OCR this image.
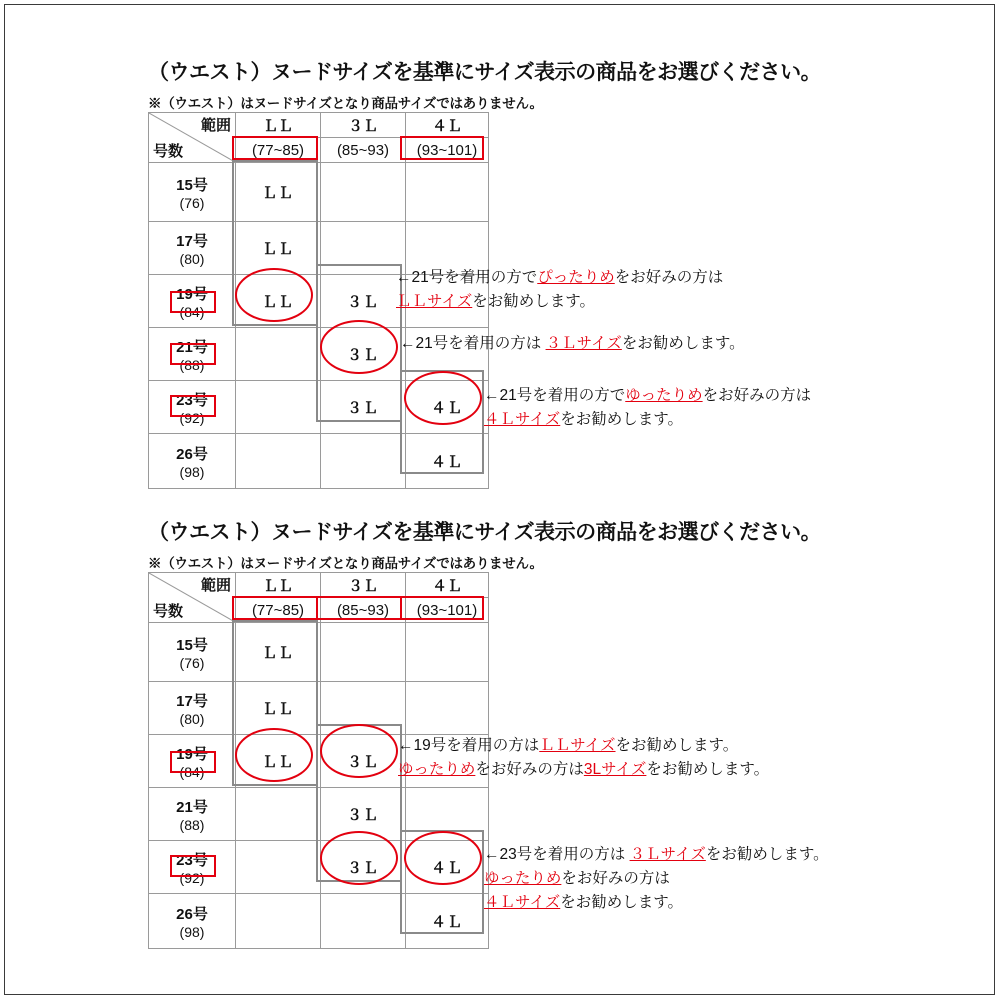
（ウエスト）ヌードサイズを基準にサイズ表示の商品をお選びください。
※（ウエスト）はヌードサイズとなり商品サイズではありません。
範囲
号数	ＬＬ	３Ｌ	４Ｌ
	(77~85)	(85~93)	(93~101)

15号
(76)	ＬＬ		

17号
(80)	ＬＬ		

19号
(84)	ＬＬ	３Ｌ	

21号
(88)		３Ｌ	

23号
(92)		３Ｌ	４Ｌ

26号
(98)			４Ｌ
←21号を着用の方でぴったりめをお好みの方は
ＬＬサイズをお勧めします。
←21号を着用の方は ３Ｌサイズをお勧めします。
←21号を着用の方でゆったりめをお好みの方は
４Ｌサイズをお勧めします。
（ウエスト）ヌードサイズを基準にサイズ表示の商品をお選びください。
※（ウエスト）はヌードサイズとなり商品サイズではありません。
範囲
号数	ＬＬ	３Ｌ	４Ｌ
	(77~85)	(85~93)	(93~101)

15号
(76)	ＬＬ		

17号
(80)	ＬＬ		

19号
(84)	ＬＬ	３Ｌ	

21号
(88)		３Ｌ	

23号
(92)		３Ｌ	４Ｌ

26号
(98)			４Ｌ
←19号を着用の方はＬＬサイズをお勧めします。
ゆったりめをお好みの方は3Lサイズをお勧めします。
←23号を着用の方は ３Ｌサイズをお勧めします。
ゆったりめをお好みの方は
４Ｌサイズをお勧めします。
